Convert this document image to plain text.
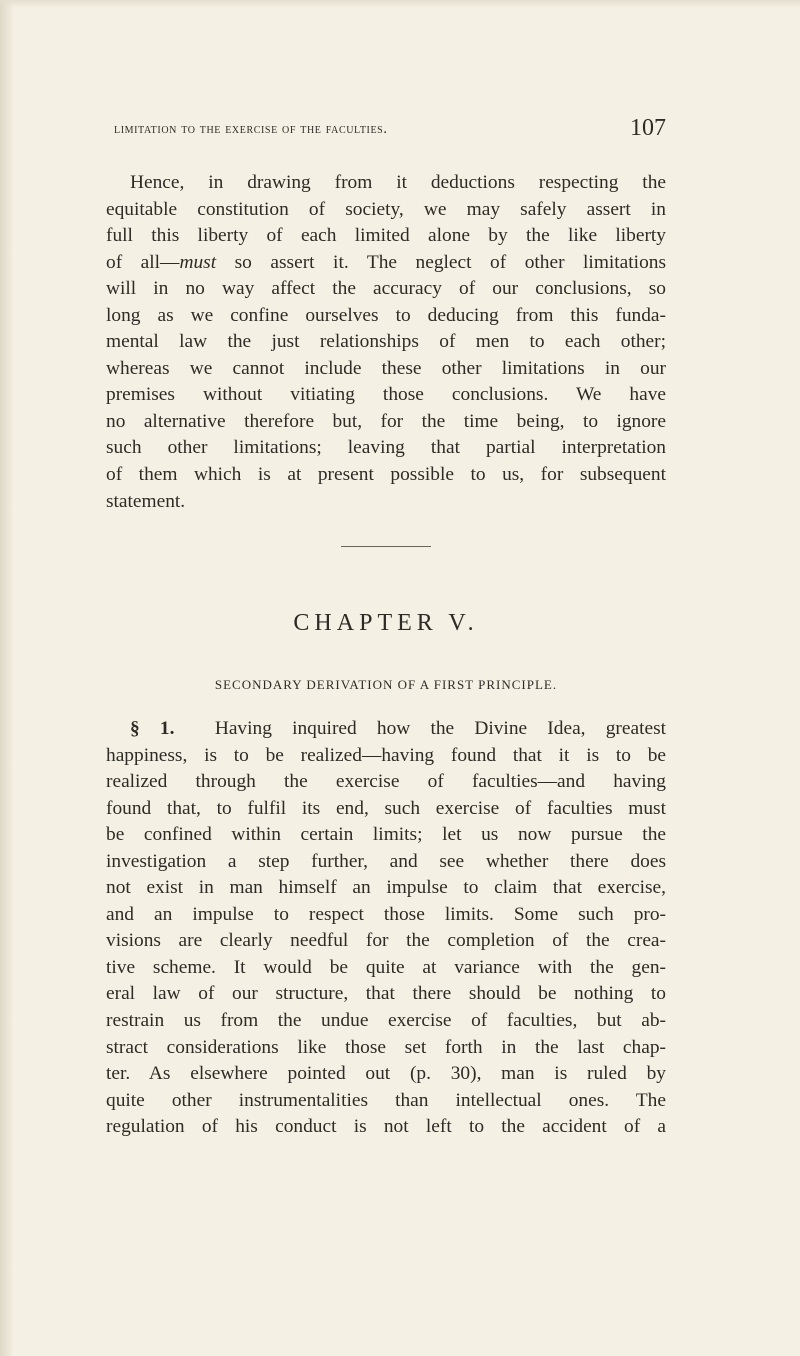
limitation to the exercise of the faculties.	107
Hence, in drawing from it deductions respecting the
equitable constitution of society, we may safely assert in
full this liberty of each limited alone by the like liberty
of all—must so assert it. The neglect of other limitations
will in no way affect the accuracy of our conclusions, so
long as we confine ourselves to deducing from this funda-
mental law the just relationships of men to each other;
whereas we cannot include these other limitations in our
premises without vitiating those conclusions. We have
no alternative therefore but, for the time being, to ignore
such other limitations; leaving that partial interpretation
of them which is at present possible to us, for subsequent
statement.
CHAPTER V.
SECONDARY DERIVATION OF A FIRST PRINCIPLE.
§ 1. Having inquired how the Divine Idea, greatest
happiness, is to be realized—having found that it is to be
realized through the exercise of faculties—and having
found that, to fulfil its end, such exercise of faculties must
be confined within certain limits; let us now pursue the
investigation a step further, and see whether there does
not exist in man himself an impulse to claim that exercise,
and an impulse to respect those limits. Some such pro-
visions are clearly needful for the completion of the crea-
tive scheme. It would be quite at variance with the gen-
eral law of our structure, that there should be nothing to
restrain us from the undue exercise of faculties, but ab-
stract considerations like those set forth in the last chap-
ter. As elsewhere pointed out (p. 30), man is ruled by
quite other instrumentalities than intellectual ones. The
regulation of his conduct is not left to the accident of a
